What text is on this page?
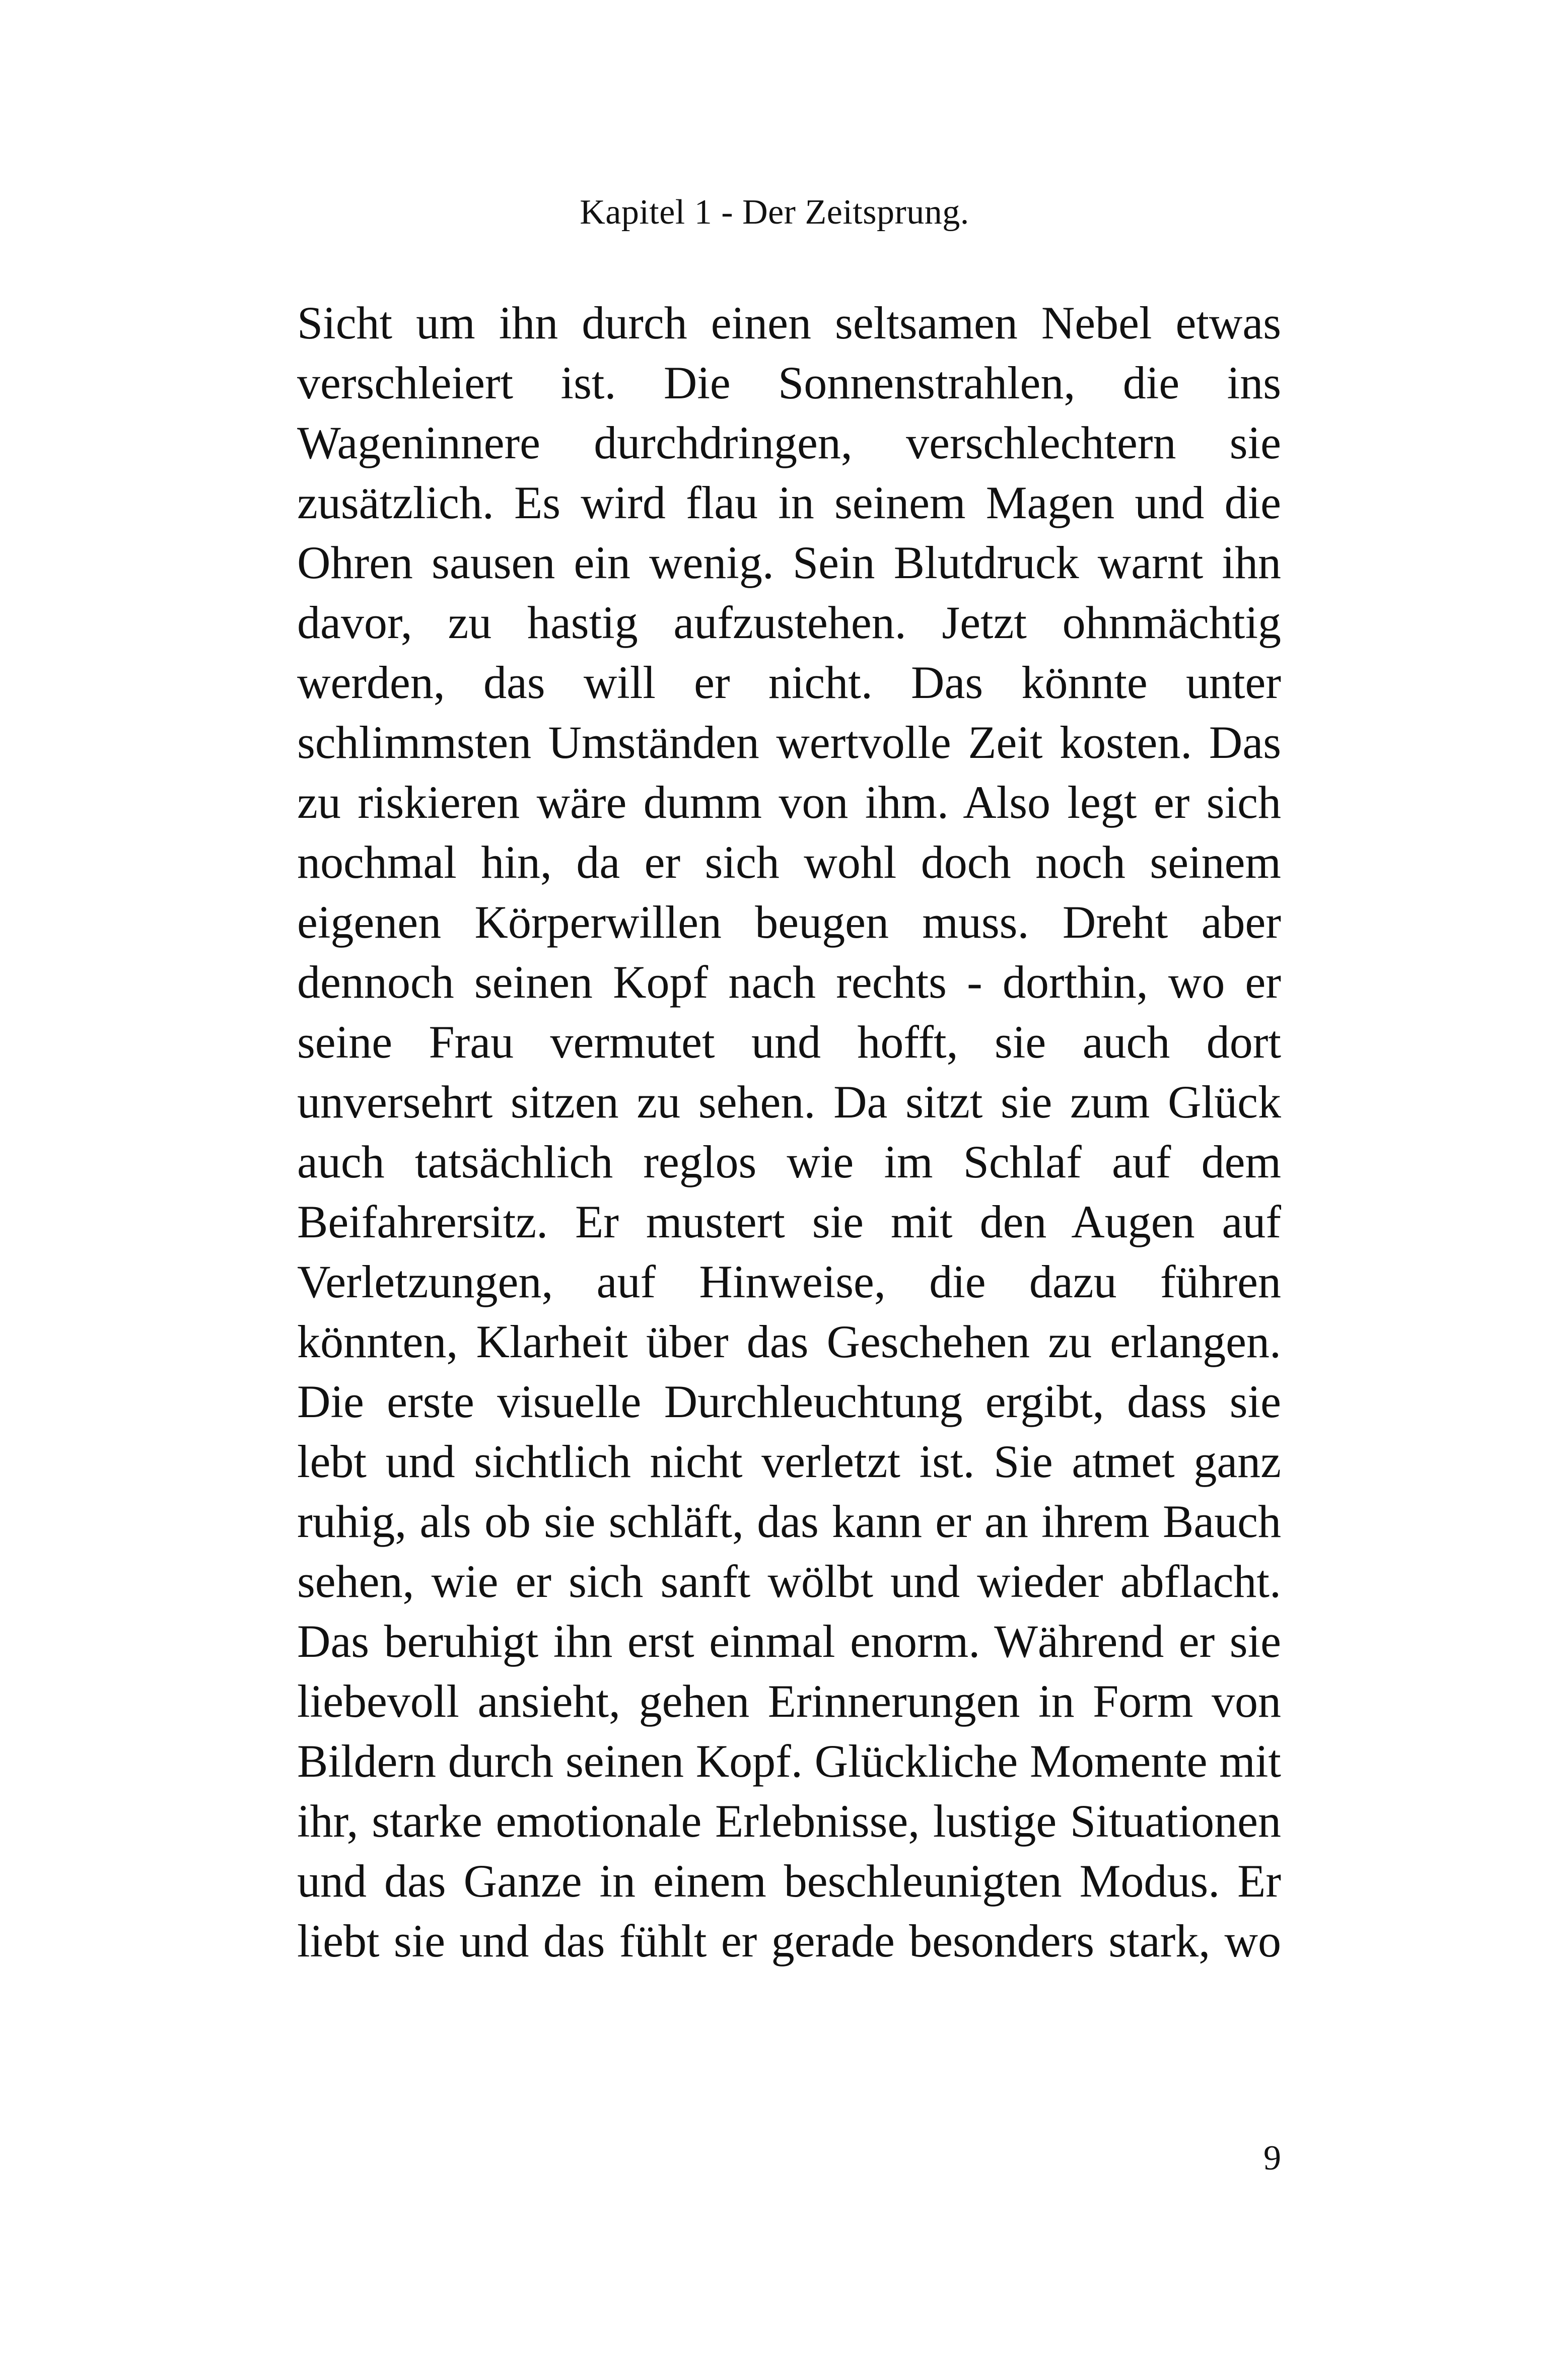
Kapitel 1 - Der Zeitsprung.
Sicht um ihn durch einen seltsamen Nebel etwas
verschleiert ist. Die Sonnenstrahlen, die ins
Wageninnere durchdringen, verschlechtern sie
zusätzlich. Es wird flau in seinem Magen und die
Ohren sausen ein wenig. Sein Blutdruck warnt ihn
davor, zu hastig aufzustehen. Jetzt ohnmächtig
werden, das will er nicht. Das könnte unter
schlimmsten Umständen wertvolle Zeit kosten. Das
zu riskieren wäre dumm von ihm. Also legt er sich
nochmal hin, da er sich wohl doch noch seinem
eigenen Körperwillen beugen muss. Dreht aber
dennoch seinen Kopf nach rechts - dorthin, wo er
seine Frau vermutet und hofft, sie auch dort
unversehrt sitzen zu sehen. Da sitzt sie zum Glück
auch tatsächlich reglos wie im Schlaf auf dem
Beifahrersitz. Er mustert sie mit den Augen auf
Verletzungen, auf Hinweise, die dazu führen
könnten, Klarheit über das Geschehen zu erlangen.
Die erste visuelle Durchleuchtung ergibt, dass sie
lebt und sichtlich nicht verletzt ist. Sie atmet ganz
ruhig, als ob sie schläft, das kann er an ihrem Bauch
sehen, wie er sich sanft wölbt und wieder abflacht.
Das beruhigt ihn erst einmal enorm. Während er sie
liebevoll ansieht, gehen Erinnerungen in Form von
Bildern durch seinen Kopf. Glückliche Momente mit
ihr, starke emotionale Erlebnisse, lustige Situationen
und das Ganze in einem beschleunigten Modus. Er
liebt sie und das fühlt er gerade besonders stark, wo
9
